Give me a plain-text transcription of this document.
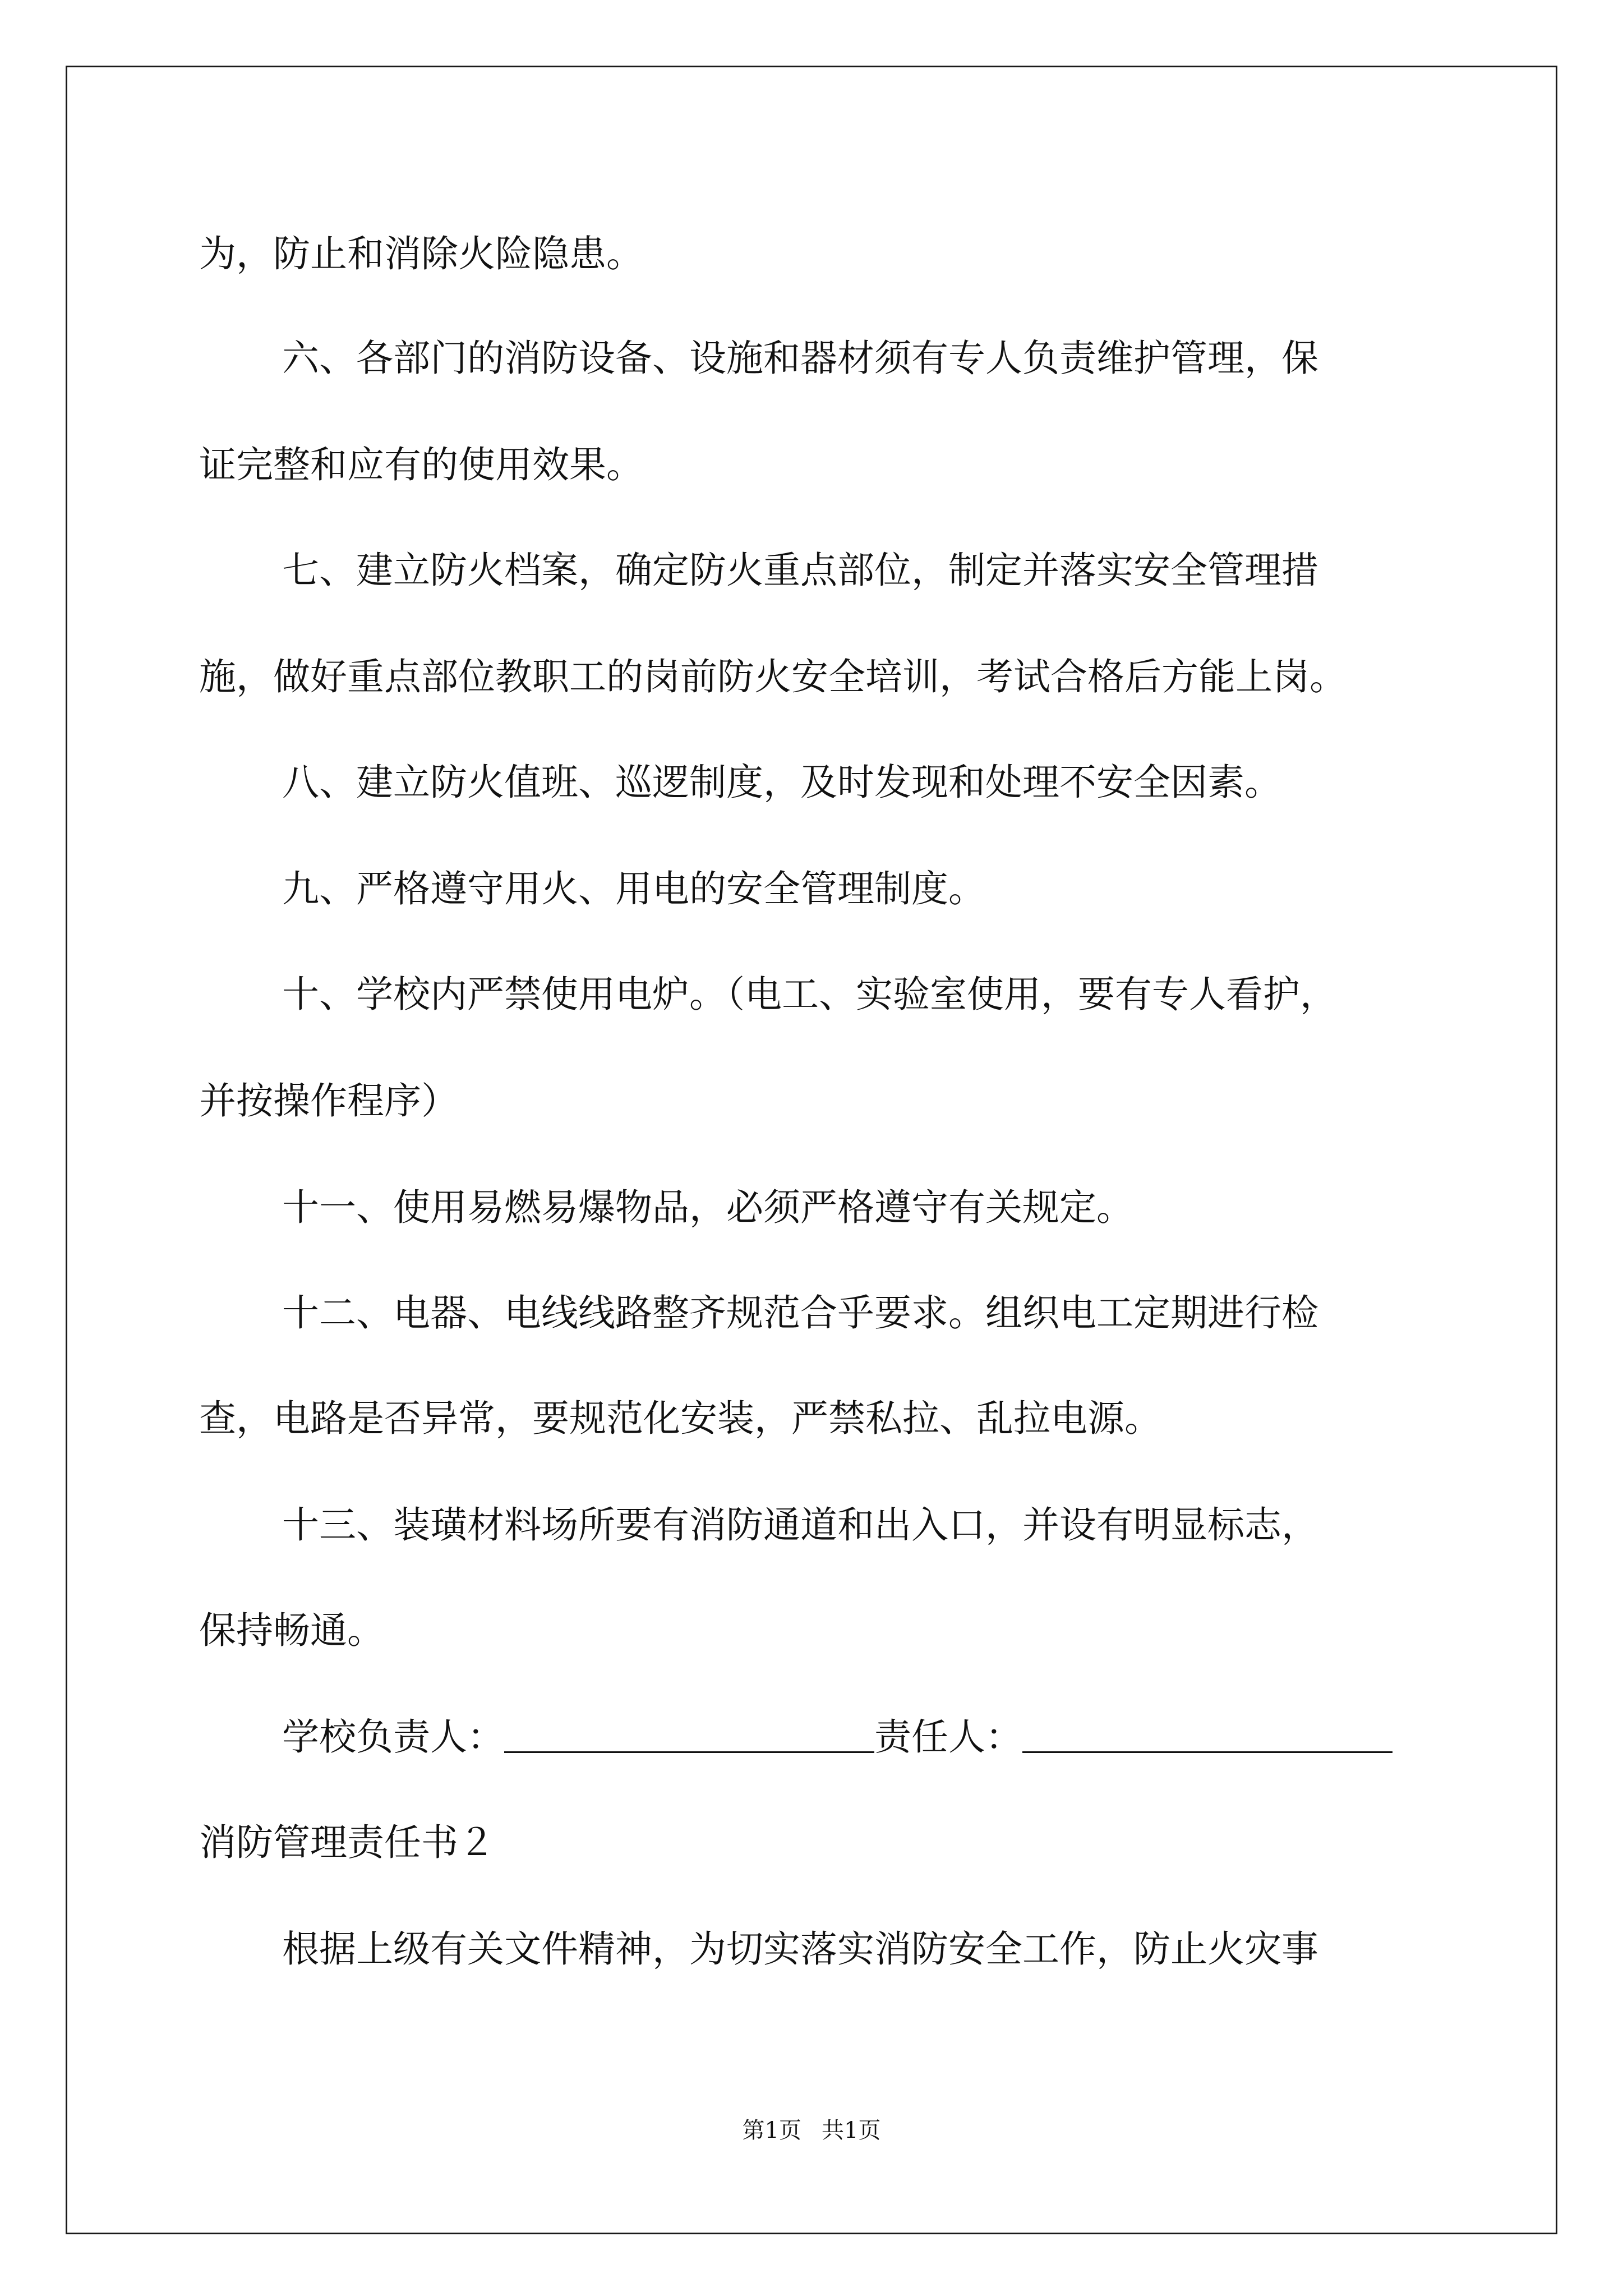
为，防止和消除火险隐患。
六、各部门的消防设备、设施和器材须有专人负责维护管理，保
证完整和应有的使用效果。
七、建立防火档案，确定防火重点部位，制定并落实安全管理措
施，做好重点部位教职工的岗前防火安全培训，考试合格后方能上岗。
八、建立防火值班、巡逻制度，及时发现和处理不安全因素。
九、严格遵守用火、用电的安全管理制度。
十、学校内严禁使用电炉。（电工、实验室使用，要有专人看护，
并按操作程序）
十一、使用易燃易爆物品，必须严格遵守有关规定。
十二、电器、电线线路整齐规范合乎要求。组织电工定期进行检
查，电路是否异常，要规范化安装，严禁私拉、乱拉电源。
十三、装璜材料场所要有消防通道和出入口，并设有明显标志，
保持畅通。
学校负责人：	责任人：
消防管理责任书２
根据上级有关文件精神，为切实落实消防安全工作，防止火灾事
第1页 共1页
